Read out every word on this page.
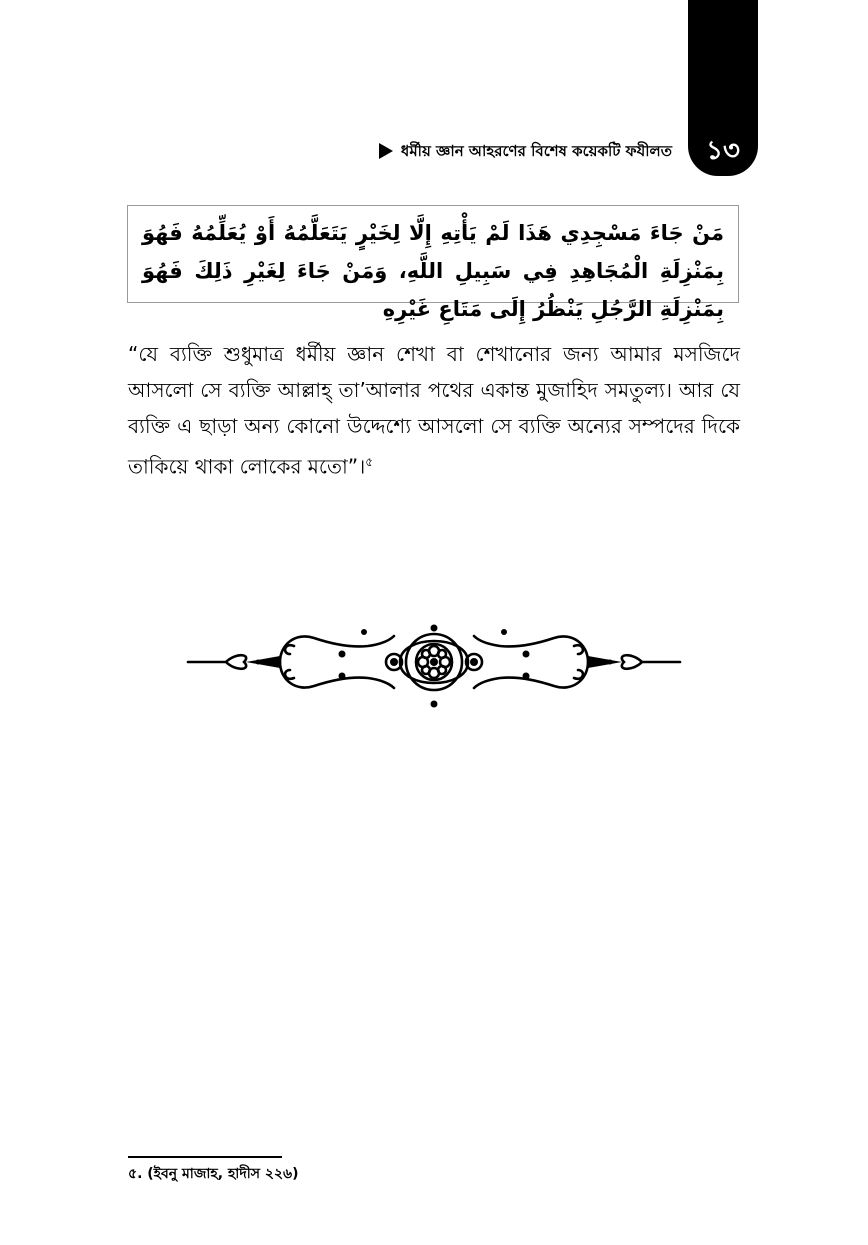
১৩
ধর্মীয় জ্ঞান আহরণের বিশেষ কয়েকটি ফযীলত
مَنْ جَاءَ مَسْجِدِي هَذَا لَمْ يَأْتِهِ إِلَّا لِخَيْرٍ يَتَعَلَّمُهُ أَوْ يُعَلِّمُهُ فَهُوَ بِمَنْزِلَةِ الْمُجَاهِدِ فِي سَبِيلِ اللَّهِ، وَمَنْ جَاءَ لِغَيْرِ ذَلِكَ فَهُوَ بِمَنْزِلَةِ الرَّجُلِ يَنْظُرُ إِلَى مَتَاعِ غَيْرِهِ
“যে ব্যক্তি শুধুমাত্র ধর্মীয় জ্ঞান শেখা বা শেখানোর জন্য আমার মসজিদে আসলো সে ব্যক্তি আল্লাহ্ তা’আলার পথের একান্ত মুজাহিদ সমতুল্য। আর যে ব্যক্তি এ ছাড়া অন্য কোনো উদ্দেশ্যে আসলো সে ব্যক্তি অন্যের সম্পদের দিকে তাকিয়ে থাকা লোকের মতো”।$^৫$
৫. (ইবনু মাজাহ, হাদীস ২২৬)
